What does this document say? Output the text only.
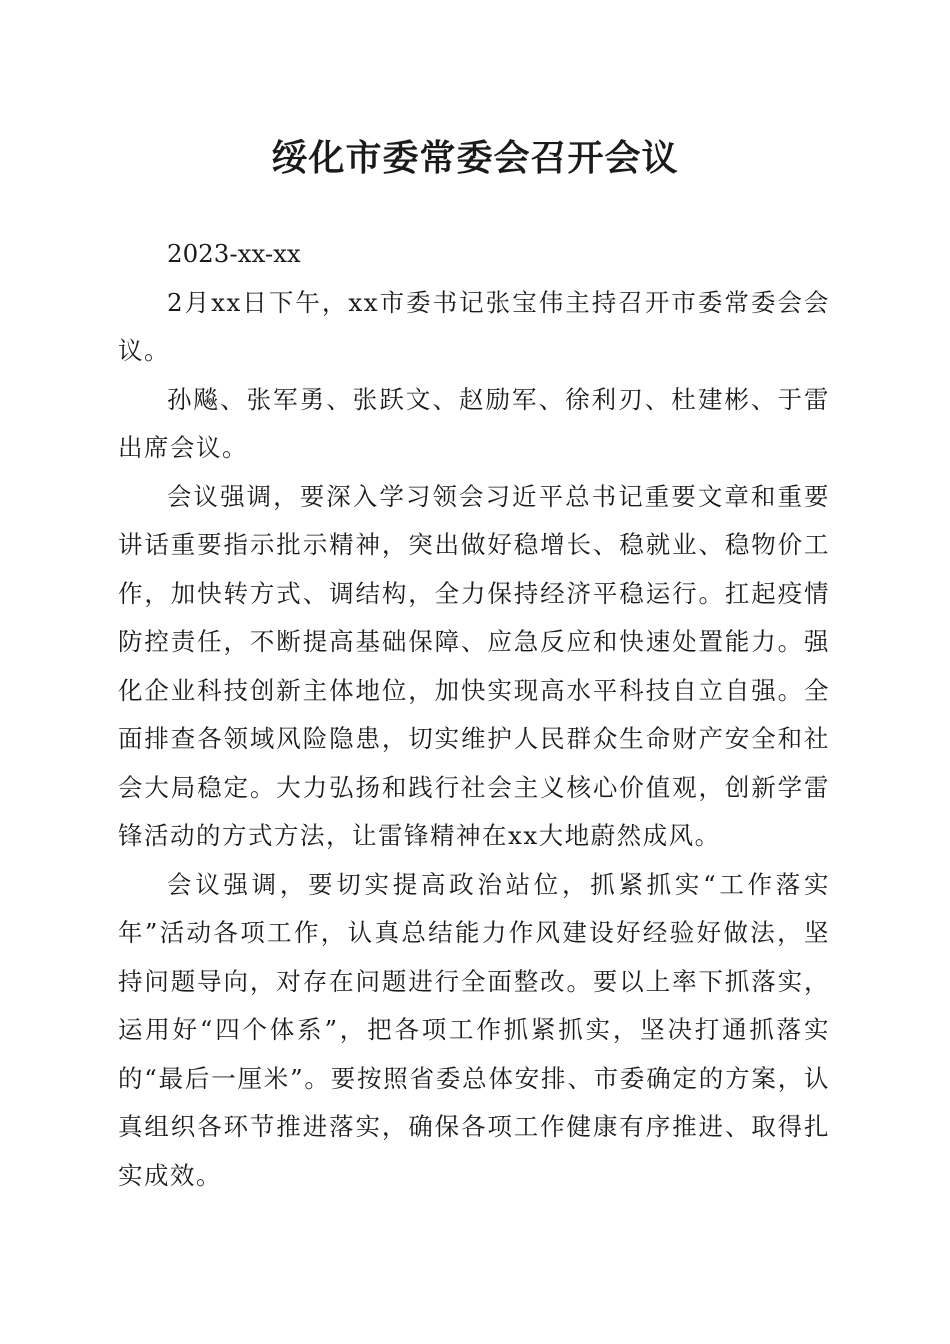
绥化市委常委会召开会议

2023-xx-xx

2月xx日下午，xx市委书记张宝伟主持召开市委常委会会议。

孙飚、张军勇、张跃文、赵励军、徐利刃、杜建彬、于雷出席会议。

会议强调，要深入学习领会习近平总书记重要文章和重要讲话重要指示批示精神，突出做好稳增长、稳就业、稳物价工作，加快转方式、调结构，全力保持经济平稳运行。扛起疫情防控责任，不断提高基础保障、应急反应和快速处置能力。强化企业科技创新主体地位，加快实现高水平科技自立自强。全面排查各领域风险隐患，切实维护人民群众生命财产安全和社会大局稳定。大力弘扬和践行社会主义核心价值观，创新学雷锋活动的方式方法，让雷锋精神在xx大地蔚然成风。

会议强调，要切实提高政治站位，抓紧抓实“工作落实年”活动各项工作，认真总结能力作风建设好经验好做法，坚持问题导向，对存在问题进行全面整改。要以上率下抓落实，运用好“四个体系”，把各项工作抓紧抓实，坚决打通抓落实的“最后一厘米”。要按照省委总体安排、市委确定的方案，认真组织各环节推进落实，确保各项工作健康有序推进、取得扎实成效。
